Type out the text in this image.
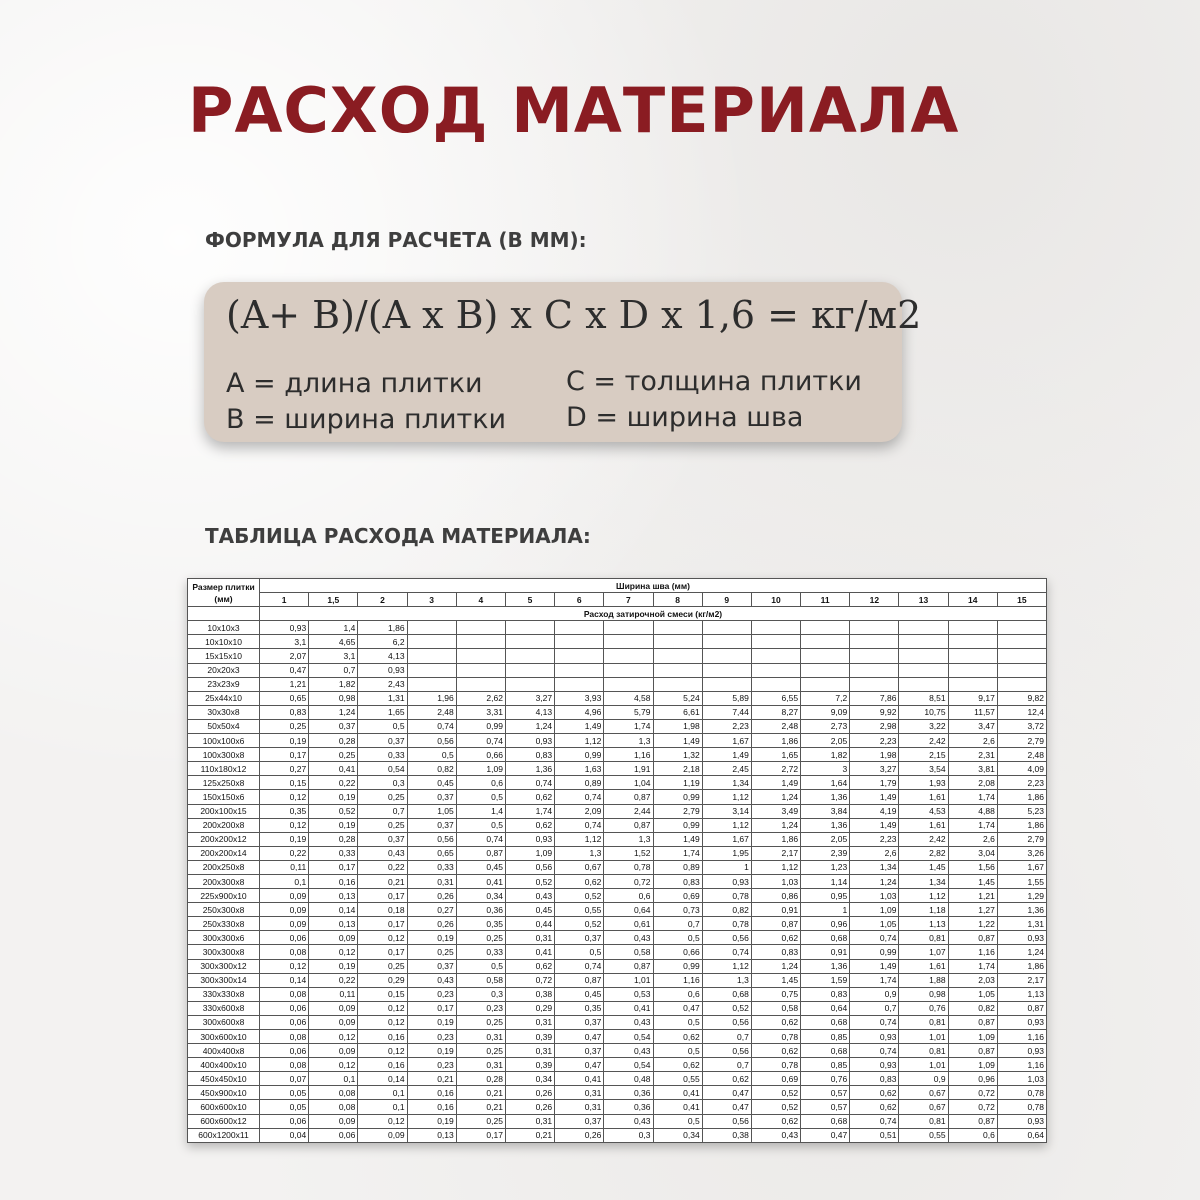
РАСХОД МАТЕРИАЛА
ФОРМУЛА ДЛЯ РАСЧЕТА (В ММ):
(A+ B)/(A x B) x C x D x 1,6 = кг/м2
A = длина плитки
B = ширина плитки
C = толщина плитки
D = ширина шва
ТАБЛИЦА РАСХОДА МАТЕРИАЛА:
Размер плитки (мм)	Ширина шва (мм)															
	1	1,5	2	3	4	5	6	7	8	9	10	11	12	13	14	15
	Расход затирочной смеси (кг/м2)															
10x10x3	0,93	1,4	1,86													
10x10x10	3,1	4,65	6,2													
15x15x10	2,07	3,1	4,13													
20x20x3	0,47	0,7	0,93													
23x23x9	1,21	1,82	2,43													
25x44x10	0,65	0,98	1,31	1,96	2,62	3,27	3,93	4,58	5,24	5,89	6,55	7,2	7,86	8,51	9,17	9,82
30x30x8	0,83	1,24	1,65	2,48	3,31	4,13	4,96	5,79	6,61	7,44	8,27	9,09	9,92	10,75	11,57	12,4
50x50x4	0,25	0,37	0,5	0,74	0,99	1,24	1,49	1,74	1,98	2,23	2,48	2,73	2,98	3,22	3,47	3,72
100x100x6	0,19	0,28	0,37	0,56	0,74	0,93	1,12	1,3	1,49	1,67	1,86	2,05	2,23	2,42	2,6	2,79
100x300x8	0,17	0,25	0,33	0,5	0,66	0,83	0,99	1,16	1,32	1,49	1,65	1,82	1,98	2,15	2,31	2,48
110x180x12	0,27	0,41	0,54	0,82	1,09	1,36	1,63	1,91	2,18	2,45	2,72	3	3,27	3,54	3,81	4,09
125x250x8	0,15	0,22	0,3	0,45	0,6	0,74	0,89	1,04	1,19	1,34	1,49	1,64	1,79	1,93	2,08	2,23
150x150x6	0,12	0,19	0,25	0,37	0,5	0,62	0,74	0,87	0,99	1,12	1,24	1,36	1,49	1,61	1,74	1,86
200x100x15	0,35	0,52	0,7	1,05	1,4	1,74	2,09	2,44	2,79	3,14	3,49	3,84	4,19	4,53	4,88	5,23
200x200x8	0,12	0,19	0,25	0,37	0,5	0,62	0,74	0,87	0,99	1,12	1,24	1,36	1,49	1,61	1,74	1,86
200x200x12	0,19	0,28	0,37	0,56	0,74	0,93	1,12	1,3	1,49	1,67	1,86	2,05	2,23	2,42	2,6	2,79
200x200x14	0,22	0,33	0,43	0,65	0,87	1,09	1,3	1,52	1,74	1,95	2,17	2,39	2,6	2,82	3,04	3,26
200x250x8	0,11	0,17	0,22	0,33	0,45	0,56	0,67	0,78	0,89	1	1,12	1,23	1,34	1,45	1,56	1,67
200x300x8	0,1	0,16	0,21	0,31	0,41	0,52	0,62	0,72	0,83	0,93	1,03	1,14	1,24	1,34	1,45	1,55
225x900x10	0,09	0,13	0,17	0,26	0,34	0,43	0,52	0,6	0,69	0,78	0,86	0,95	1,03	1,12	1,21	1,29
250x300x8	0,09	0,14	0,18	0,27	0,36	0,45	0,55	0,64	0,73	0,82	0,91	1	1,09	1,18	1,27	1,36
250x330x8	0,09	0,13	0,17	0,26	0,35	0,44	0,52	0,61	0,7	0,78	0,87	0,96	1,05	1,13	1,22	1,31
300x300x6	0,06	0,09	0,12	0,19	0,25	0,31	0,37	0,43	0,5	0,56	0,62	0,68	0,74	0,81	0,87	0,93
300x300x8	0,08	0,12	0,17	0,25	0,33	0,41	0,5	0,58	0,66	0,74	0,83	0,91	0,99	1,07	1,16	1,24
300x300x12	0,12	0,19	0,25	0,37	0,5	0,62	0,74	0,87	0,99	1,12	1,24	1,36	1,49	1,61	1,74	1,86
300x300x14	0,14	0,22	0,29	0,43	0,58	0,72	0,87	1,01	1,16	1,3	1,45	1,59	1,74	1,88	2,03	2,17
330x330x8	0,08	0,11	0,15	0,23	0,3	0,38	0,45	0,53	0,6	0,68	0,75	0,83	0,9	0,98	1,05	1,13
330x600x8	0,06	0,09	0,12	0,17	0,23	0,29	0,35	0,41	0,47	0,52	0,58	0,64	0,7	0,76	0,82	0,87
300x600x8	0,06	0,09	0,12	0,19	0,25	0,31	0,37	0,43	0,5	0,56	0,62	0,68	0,74	0,81	0,87	0,93
300x600x10	0,08	0,12	0,16	0,23	0,31	0,39	0,47	0,54	0,62	0,7	0,78	0,85	0,93	1,01	1,09	1,16
400x400x8	0,06	0,09	0,12	0,19	0,25	0,31	0,37	0,43	0,5	0,56	0,62	0,68	0,74	0,81	0,87	0,93
400x400x10	0,08	0,12	0,16	0,23	0,31	0,39	0,47	0,54	0,62	0,7	0,78	0,85	0,93	1,01	1,09	1,16
450x450x10	0,07	0,1	0,14	0,21	0,28	0,34	0,41	0,48	0,55	0,62	0,69	0,76	0,83	0,9	0,96	1,03
450x900x10	0,05	0,08	0,1	0,16	0,21	0,26	0,31	0,36	0,41	0,47	0,52	0,57	0,62	0,67	0,72	0,78
600x600x10	0,05	0,08	0,1	0,16	0,21	0,26	0,31	0,36	0,41	0,47	0,52	0,57	0,62	0,67	0,72	0,78
600x600x12	0,06	0,09	0,12	0,19	0,25	0,31	0,37	0,43	0,5	0,56	0,62	0,68	0,74	0,81	0,87	0,93
600x1200x11	0,04	0,06	0,09	0,13	0,17	0,21	0,26	0,3	0,34	0,38	0,43	0,47	0,51	0,55	0,6	0,64
